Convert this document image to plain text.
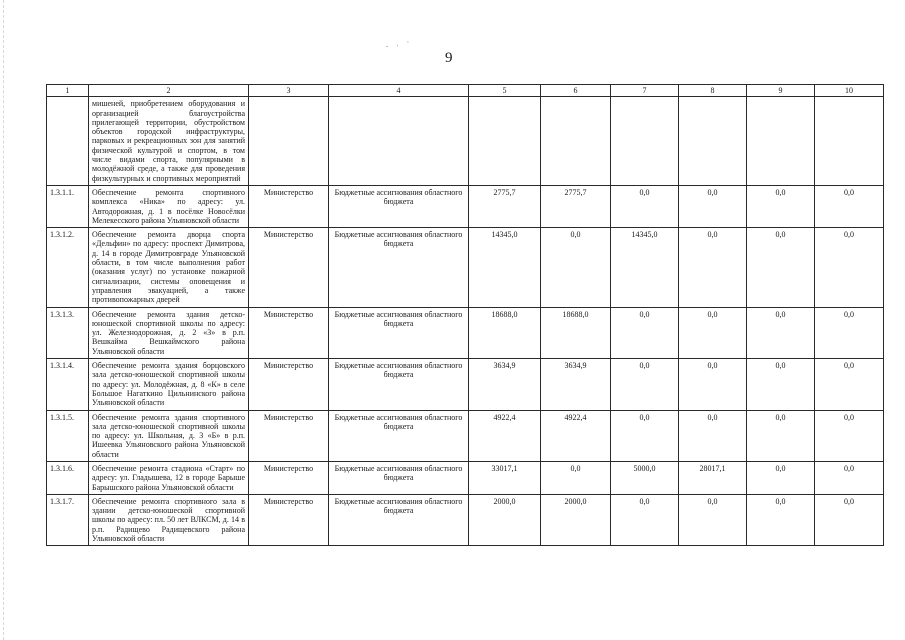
. ˒ ˈ
9
1	2	3	4	5	6	7	8	9	10
	мишеней, приобретением оборудования и организацией благоустройства прилегающей территории, обустройством объектов городской инфраструктуры, парковых и рекреационных зон для занятий физической культурой и спортом, в том числе видами спорта, популярными в молодёжной среде, а также для проведения физкультурных и спортивных мероприятий								
1.3.1.1.	Обеспечение ремонта спортивного комплекса «Ника» по адресу: ул. Автодорожная, д. 1 в посёлке Новосёлки Мелекесского района Ульяновской области	Министерство	Бюджетные ассигнования областного бюджета	2775,7	2775,7	0,0	0,0	0,0	0,0
1.3.1.2.	Обеспечение ремонта дворца спорта «Дельфин» по адресу: проспект Димитрова, д. 14 в городе Димитровграде Ульяновской области, в том числе выполнения работ (оказания услуг) по установке пожарной сигнализации, системы оповещения и управления эвакуацией, а также противопожарных дверей	Министерство	Бюджетные ассигнования областного бюджета	14345,0	0,0	14345,0	0,0	0,0	0,0
1.3.1.3.	Обеспечение ремонта здания детско-юношеской спортивной школы по адресу: ул. Железнодорожная, д. 2 «З» в р.п. Вешкайма Вешкаймского района Ульяновской области	Министерство	Бюджетные ассигнования областного бюджета	18688,0	18688,0	0,0	0,0	0,0	0,0
1.3.1.4.	Обеспечение ремонта здания борцовского зала детско-юношеской спортивной школы по адресу: ул. Молодёжная, д. 8 «К» в селе Большое Нагаткино Цильнинского района Ульяновской области	Министерство	Бюджетные ассигнования областного бюджета	3634,9	3634,9	0,0	0,0	0,0	0,0
1.3.1.5.	Обеспечение ремонта здания спортивного зала детско-юношеской спортивной школы по адресу: ул. Школьная, д. 3 «Б» в р.п. Ишеевка Ульяновского района Ульяновской области	Министерство	Бюджетные ассигнования областного бюджета	4922,4	4922,4	0,0	0,0	0,0	0,0
1.3.1.6.	Обеспечение ремонта стадиона «Старт» по адресу: ул. Гладышева, 12 в городе Барыше Барышского района Ульяновской области	Министерство	Бюджетные ассигнования областного бюджета	33017,1	0,0	5000,0	28017,1	0,0	0,0
1.3.1.7.	Обеспечение ремонта спортивного зала в здании детско-юношеской спортивной школы по адресу: пл. 50 лет ВЛКСМ, д. 14 в р.п. Радищево Радищевского района Ульяновской области	Министерство	Бюджетные ассигнования областного бюджета	2000,0	2000,0	0,0	0,0	0,0	0,0
